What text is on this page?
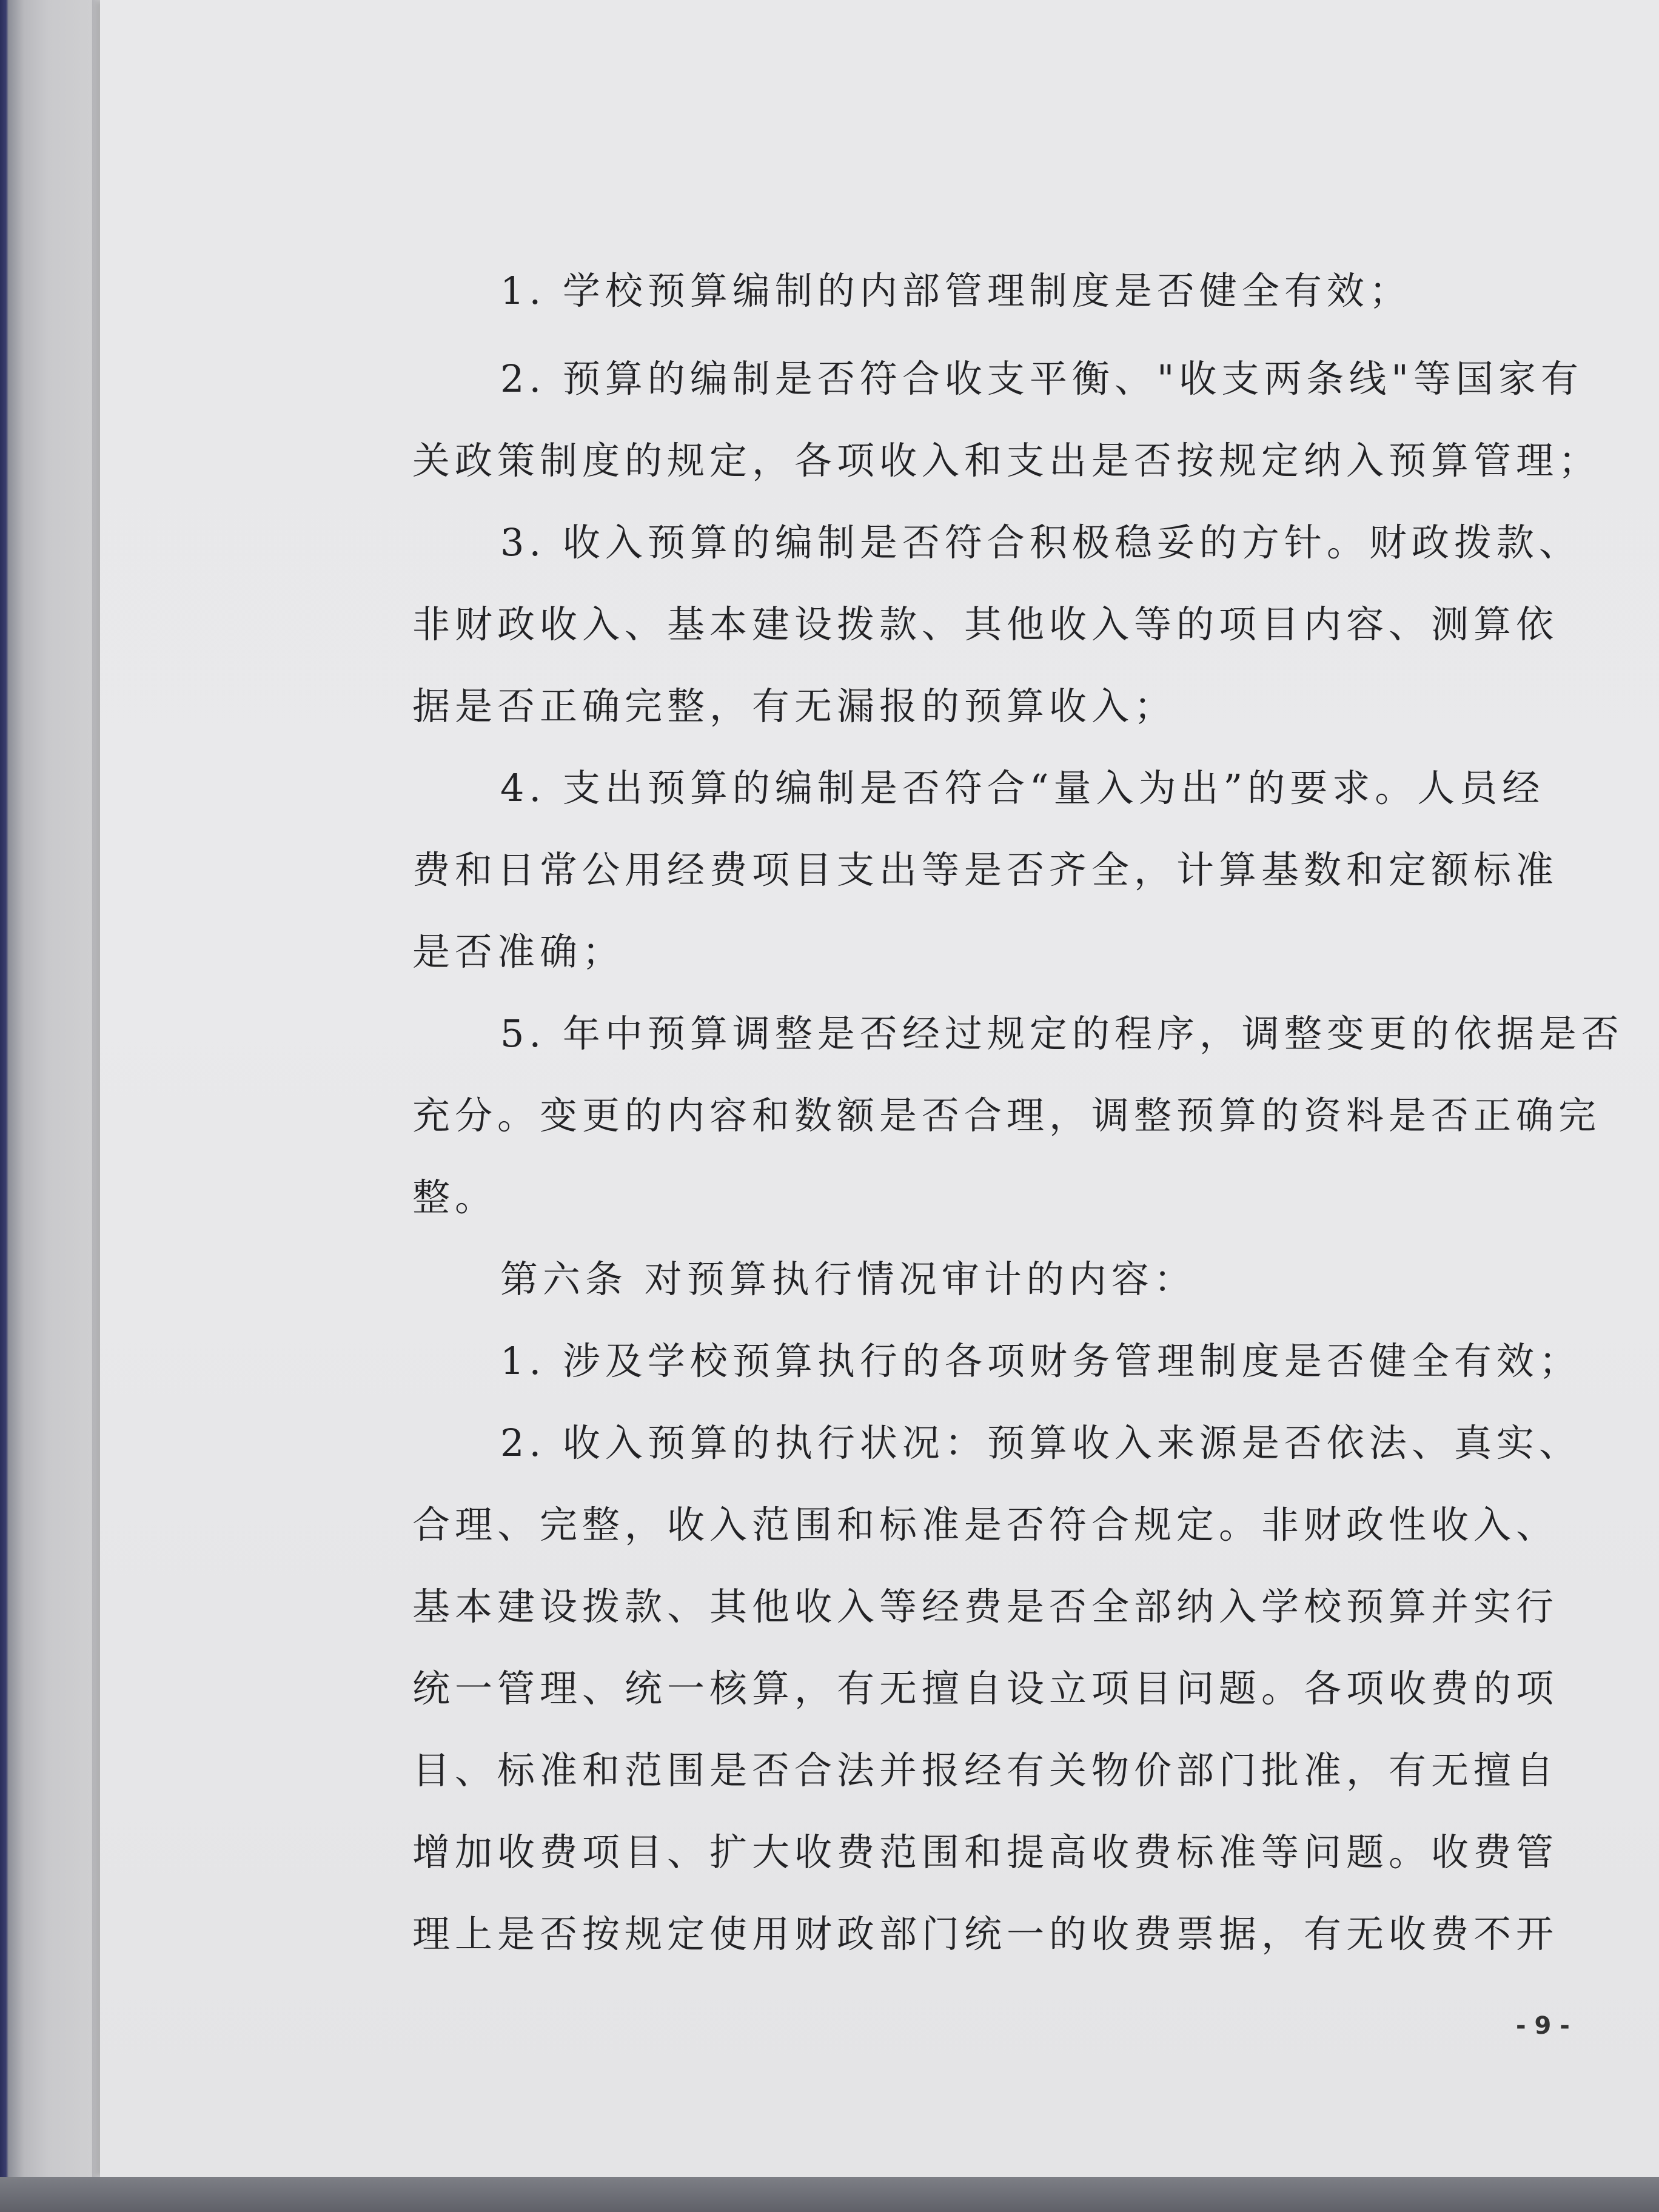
1. 学校预算编制的内部管理制度是否健全有效；
2. 预算的编制是否符合收支平衡、"收支两条线"等国家有
关政策制度的规定，各项收入和支出是否按规定纳入预算管理；
3. 收入预算的编制是否符合积极稳妥的方针。财政拨款、
非财政收入、基本建设拨款、其他收入等的项目内容、测算依
据是否正确完整，有无漏报的预算收入；
4. 支出预算的编制是否符合“量入为出”的要求。人员经
费和日常公用经费项目支出等是否齐全，计算基数和定额标准
是否准确；
5. 年中预算调整是否经过规定的程序，调整变更的依据是否
充分。变更的内容和数额是否合理，调整预算的资料是否正确完
整。
第六条 对预算执行情况审计的内容：
1. 涉及学校预算执行的各项财务管理制度是否健全有效；
2. 收入预算的执行状况：预算收入来源是否依法、真实、
合理、完整，收入范围和标准是否符合规定。非财政性收入、
基本建设拨款、其他收入等经费是否全部纳入学校预算并实行
统一管理、统一核算，有无擅自设立项目问题。各项收费的项
目、标准和范围是否合法并报经有关物价部门批准，有无擅自
增加收费项目、扩大收费范围和提高收费标准等问题。收费管
理上是否按规定使用财政部门统一的收费票据，有无收费不开
- 9 -
